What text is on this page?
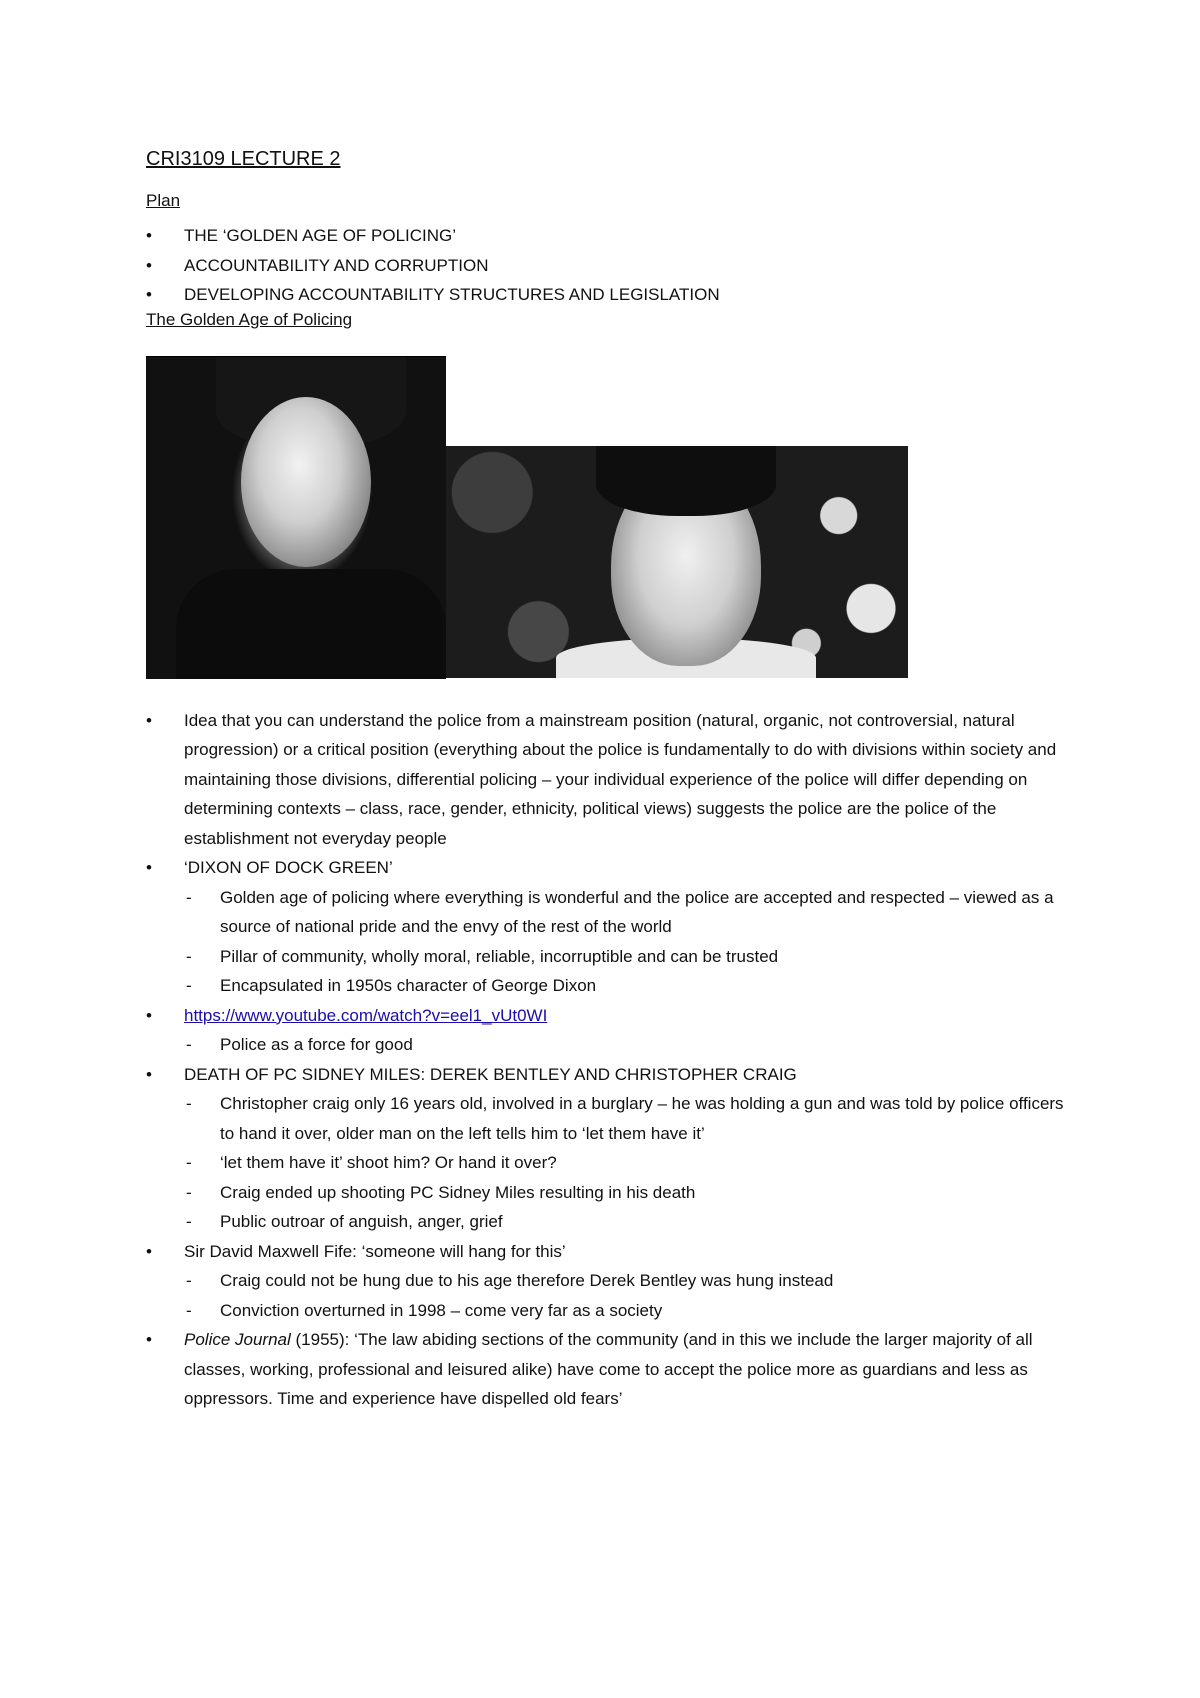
CRI3109 LECTURE 2
Plan
• THE ‘GOLDEN AGE OF POLICING’
• ACCOUNTABILITY AND CORRUPTION
• DEVELOPING ACCOUNTABILITY STRUCTURES AND LEGISLATION
The Golden Age of Policing
• Idea that you can understand the police from a mainstream position (natural, organic, not controversial, natural progression) or a critical position (everything about the police is fundamentally to do with divisions within society and maintaining those divisions, differential policing – your individual experience of the police will differ depending on determining contexts – class, race, gender, ethnicity, political views) suggests the police are the police of the establishment not everyday people
• ‘DIXON OF DOCK GREEN’
- Golden age of policing where everything is wonderful and the police are accepted and respected – viewed as a source of national pride and the envy of the rest of the world
- Pillar of community, wholly moral, reliable, incorruptible and can be trusted
- Encapsulated in 1950s character of George Dixon
• https://www.youtube.com/watch?v=eel1_vUt0WI
- Police as a force for good
• DEATH OF PC SIDNEY MILES: DEREK BENTLEY AND CHRISTOPHER CRAIG
- Christopher craig only 16 years old, involved in a burglary – he was holding a gun and was told by police officers to hand it over, older man on the left tells him to ‘let them have it’
- ‘let them have it’ shoot him? Or hand it over?
- Craig ended up shooting PC Sidney Miles resulting in his death
- Public outroar of anguish, anger, grief
• Sir David Maxwell Fife: ‘someone will hang for this’
- Craig could not be hung due to his age therefore Derek Bentley was hung instead
- Conviction overturned in 1998 – come very far as a society
• Police Journal (1955): ‘The law abiding sections of the community (and in this we include the larger majority of all classes, working, professional and leisured alike) have come to accept the police more as guardians and less as oppressors. Time and experience have dispelled old fears’
